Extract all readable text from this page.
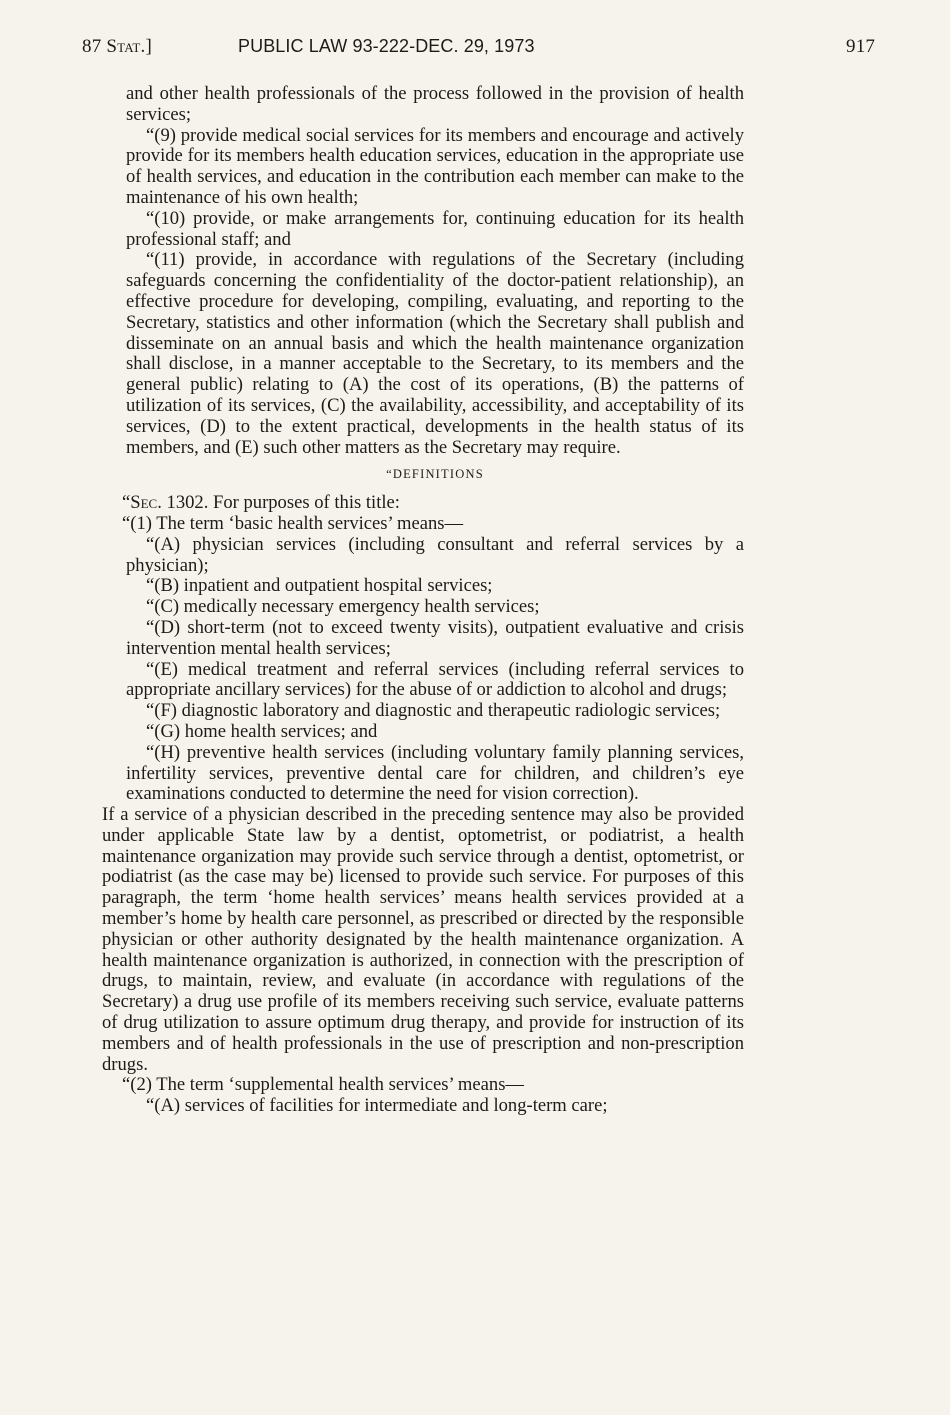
87 Stat.]	PUBLIC LAW 93-222-DEC. 29, 1973	917

and other health professionals of the process followed in the provision of health services;

“(9) provide medical social services for its members and encourage and actively provide for its members health education services, education in the appropriate use of health services, and education in the contribution each member can make to the maintenance of his own health;

“(10) provide, or make arrangements for, continuing education for its health professional staff; and

“(11) provide, in accordance with regulations of the Secretary (including safeguards concerning the confidentiality of the doctor-patient relationship), an effective procedure for developing, compiling, evaluating, and reporting to the Secretary, statistics and other information (which the Secretary shall publish and disseminate on an annual basis and which the health maintenance organization shall disclose, in a manner acceptable to the Secretary, to its members and the general public) relating to (A) the cost of its operations, (B) the patterns of utilization of its services, (C) the availability, accessibility, and acceptability of its services, (D) to the extent practical, developments in the health status of its members, and (E) such other matters as the Secretary may require.

“DEFINITIONS

“Sec. 1302. For purposes of this title:

“(1) The term ‘basic health services’ means—

“(A) physician services (including consultant and referral services by a physician);

“(B) inpatient and outpatient hospital services;

“(C) medically necessary emergency health services;

“(D) short-term (not to exceed twenty visits), outpatient evaluative and crisis intervention mental health services;

“(E) medical treatment and referral services (including referral services to appropriate ancillary services) for the abuse of or addiction to alcohol and drugs;

“(F) diagnostic laboratory and diagnostic and therapeutic radiologic services;

“(G) home health services; and

“(H) preventive health services (including voluntary family planning services, infertility services, preventive dental care for children, and children’s eye examinations conducted to determine the need for vision correction).

If a service of a physician described in the preceding sentence may also be provided under applicable State law by a dentist, optometrist, or podiatrist, a health maintenance organization may provide such service through a dentist, optometrist, or podiatrist (as the case may be) licensed to provide such service. For purposes of this paragraph, the term ‘home health services’ means health services provided at a member’s home by health care personnel, as prescribed or directed by the responsible physician or other authority designated by the health maintenance organization. A health maintenance organization is authorized, in connection with the prescription of drugs, to maintain, review, and evaluate (in accordance with regulations of the Secretary) a drug use profile of its members receiving such service, evaluate patterns of drug utilization to assure optimum drug therapy, and provide for instruction of its members and of health professionals in the use of prescription and non-prescription drugs.

“(2) The term ‘supplemental health services’ means—

“(A) services of facilities for intermediate and long-term care;
